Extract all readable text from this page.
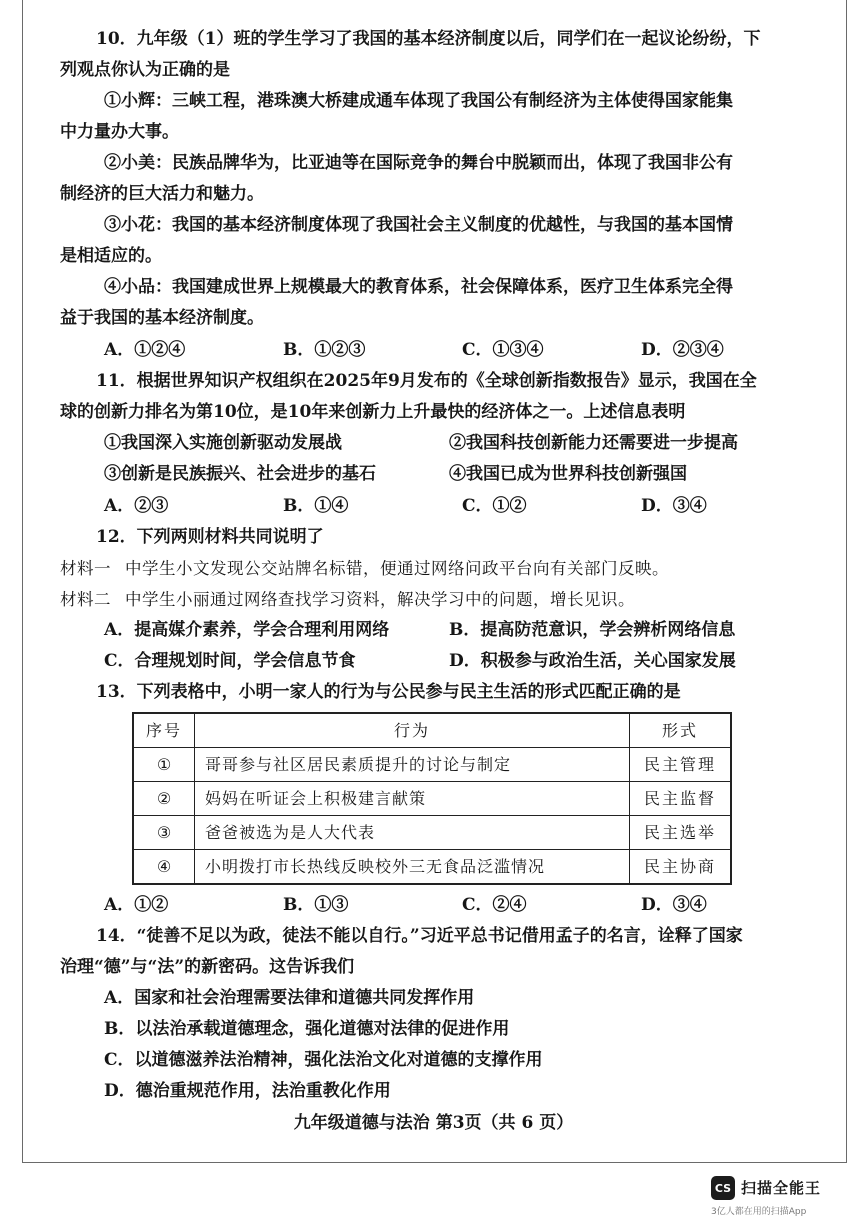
10．九年级（1）班的学生学习了我国的基本经济制度以后，同学们在一起议论纷纷，下

列观点你认为正确的是

①小辉：三峡工程，港珠澳大桥建成通车体现了我国公有制经济为主体使得国家能集

中力量办大事。

②小美：民族品牌华为，比亚迪等在国际竞争的舞台中脱颖而出，体现了我国非公有

制经济的巨大活力和魅力。

③小花：我国的基本经济制度体现了我国社会主义制度的优越性，与我国的基本国情

是相适应的。

④小品：我国建成世界上规模最大的教育体系，社会保障体系，医疗卫生体系完全得

益于我国的基本经济制度。

A．①②④	B．①②③	C．①③④	D．②③④

11．根据世界知识产权组织在2025年9月发布的《全球创新指数报告》显示，我国在全

球的创新力排名为第10位，是10年来创新力上升最快的经济体之一。上述信息表明

①我国深入实施创新驱动发展战	②我国科技创新能力还需要进一步提高
③创新是民族振兴、社会进步的基石	④我国已成为世界科技创新强国
A．②③	B．①④	C．①②	D．③④

12．下列两则材料共同说明了

材料一 中学生小文发现公交站牌名标错，便通过网络问政平台向有关部门反映。

材料二 中学生小丽通过网络查找学习资料，解决学习中的问题，增长见识。

A．提高媒介素养，学会合理利用网络	B．提高防范意识，学会辨析网络信息
C．合理规划时间，学会信息节食	D．积极参与政治生活，关心国家发展

13．下列表格中，小明一家人的行为与公民参与民主生活的形式匹配正确的是

序号	行为	形式
①	哥哥参与社区居民素质提升的讨论与制定	民主管理
②	妈妈在听证会上积极建言献策	民主监督
③	爸爸被选为是人大代表	民主选举
④	小明拨打市长热线反映校外三无食品泛滥情况	民主协商
A．①②	B．①③	C．②④	D．③④

14．“徒善不足以为政，徒法不能以自行。”习近平总书记借用孟子的名言，诠释了国家

治理“德”与“法”的新密码。这告诉我们

A．国家和社会治理需要法律和道德共同发挥作用

B．以法治承载道德理念，强化道德对法律的促进作用

C．以道德滋养法治精神，强化法治文化对道德的支撑作用

D．德治重规范作用，法治重教化作用

九年级道德与法治 第3页（共 6 页）
CS 扫描全能王
3亿人都在用的扫描App
